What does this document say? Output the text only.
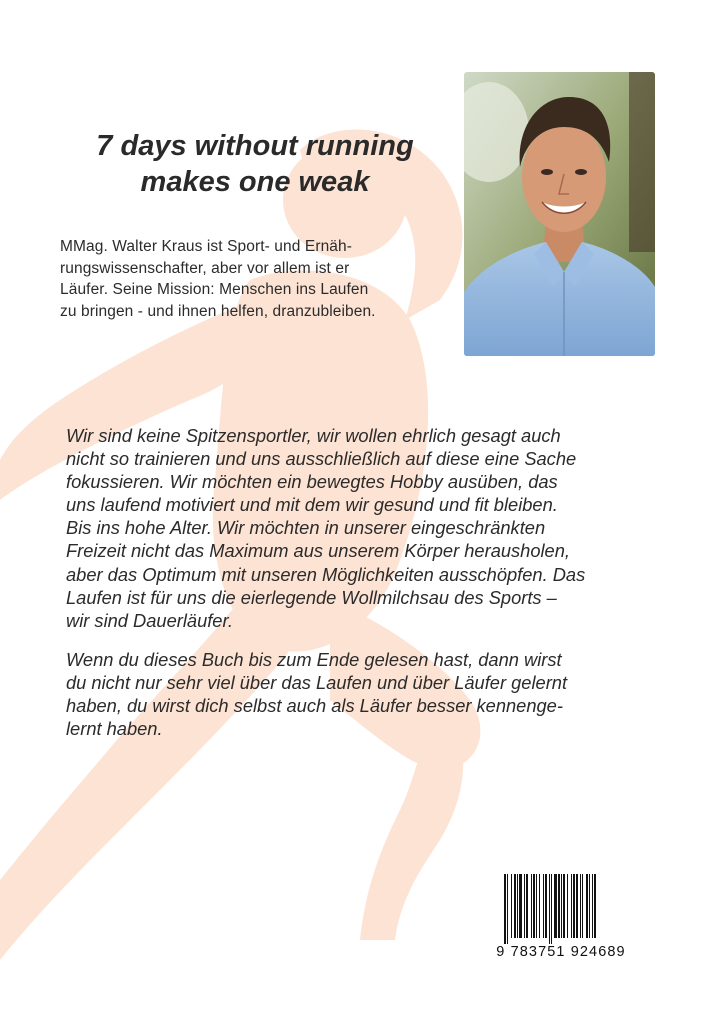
7 days without running
makes one weak
MMag. Walter Kraus ist Sport- und Ernäh-
rungswissenschafter, aber vor allem ist er
Läufer. Seine Mission: Menschen ins Laufen
zu bringen - und ihnen helfen, dranzubleiben.
Wir sind keine Spitzensportler, wir wollen ehrlich gesagt auch
nicht so trainieren und uns ausschließlich auf diese eine Sache
fokussieren. Wir möchten ein bewegtes Hobby ausüben, das
uns laufend motiviert und mit dem wir gesund und fit bleiben.
Bis ins hohe Alter. Wir möchten in unserer eingeschränkten
Freizeit nicht das Maximum aus unserem Körper herausholen,
aber das Optimum mit unseren Möglichkeiten ausschöpfen. Das
Laufen ist für uns die eierlegende Wollmilchsau des Sports –
wir sind Dauerläufer.
Wenn du dieses Buch bis zum Ende gelesen hast, dann wirst
du nicht nur sehr viel über das Laufen und über Läufer gelernt
haben, du wirst dich selbst auch als Läufer besser kennenge-
lernt haben.
9 783751 924689
